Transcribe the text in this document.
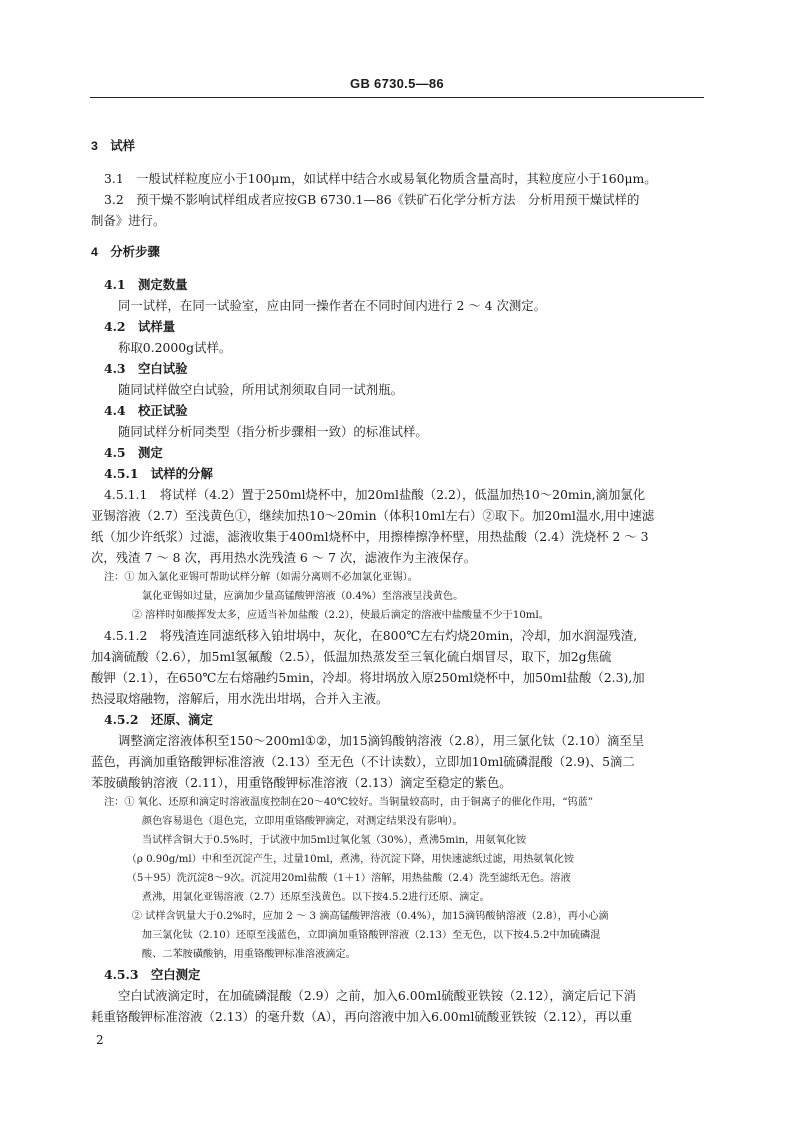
GB 6730.5—86
3　试样
3.1　一般试样粒度应小于100μm，如试样中结合水或易氧化物质含量高时，其粒度应小于160μm。
3.2　预干燥不影响试样组成者应按GB 6730.1—86《铁矿石化学分析方法　分析用预干燥试样的
制备》进行。
4　分析步骤
4.1　测定数量
同一试样，在同一试验室，应由同一操作者在不同时间内进行 2 ～ 4 次测定。
4.2　试样量
称取0.2000g试样。
4.3　空白试验
随同试样做空白试验，所用试剂须取自同一试剂瓶。
4.4　校正试验
随同试样分析同类型（指分析步骤相一致）的标准试样。
4.5　测定
4.5.1　试样的分解
4.5.1.1　将试样（4.2）置于250ml烧杯中，加20ml盐酸（2.2），低温加热10～20min,滴加氯化
亚锡溶液（2.7）至浅黄色①，继续加热10～20min（体积10ml左右）②取下。加20ml温水,用中速滤
纸（加少许纸浆）过滤，滤液收集于400ml烧杯中，用擦棒擦净杯壁，用热盐酸（2.4）洗烧杯 2 ～ 3
次，残渣 7 ～ 8 次，再用热水洗残渣 6 ～ 7 次，滤液作为主液保存。
注：① 加入氯化亚锡可帮助试样分解（如需分离则不必加氯化亚锡）。
　　　　　氯化亚锡如过量，应滴加少量高锰酸钾溶液（0.4%）至溶液呈浅黄色。
　　　　② 溶样时如酸挥发太多，应适当补加盐酸（2.2），使最后滴定的溶液中盐酸量不少于10ml。
4.5.1.2　将残渣连同滤纸移入铂坩埚中，灰化，在800℃左右灼烧20min，冷却，加水润湿残渣,
加4滴硫酸（2.6），加5ml氢氟酸（2.5），低温加热蒸发至三氧化硫白烟冒尽，取下，加2g焦硫
酸钾（2.1），在650℃左右熔融约5min，冷却。将坩埚放入原250ml烧杯中，加50ml盐酸（2.3),加
热浸取熔融物，溶解后，用水洗出坩埚，合并入主液。
4.5.2　还原、滴定
调整滴定溶液体积至150～200ml①②，加15滴钨酸钠溶液（2.8），用三氯化钛（2.10）滴至呈
蓝色，再滴加重铬酸钾标准溶液（2.13）至无色（不计读数），立即加10ml硫磷混酸（2.9)、5滴二
苯胺磺酸钠溶液（2.11），用重铬酸钾标准溶液（2.13）滴定至稳定的紫色。
注：① 氧化、还原和滴定时溶液温度控制在20～40℃较好。当铜量较高时，由于铜离子的催化作用，“钨蓝”
　　　　　颜色容易退色（退色完，立即用重铬酸钾滴定，对测定结果没有影响）。
　　　　　当试样含铜大于0.5%时，于试液中加5ml过氧化氢（30%），煮沸5min，用氨氧化铵
　　　　（ρ 0.90g/ml）中和至沉淀产生，过量10ml，煮沸，待沉淀下降，用快速滤纸过滤，用热氨氧化铵
　　　　（5＋95）洗沉淀8～9次。沉淀用20ml盐酸（1＋1）溶解，用热盐酸（2.4）洗至滤纸无色。溶液
　　　　　煮沸，用氯化亚锡溶液（2.7）还原至浅黄色。以下按4.5.2进行还原、滴定。
　　　　② 试样含钒量大于0.2%时，应加 2 ～ 3 滴高锰酸钾溶液（0.4%），加15滴钨酸钠溶液（2.8），再小心滴
　　　　　加三氯化钛（2.10）还原至浅蓝色，立即滴加重铬酸钾溶液（2.13）至无色，以下按4.5.2中加硫磷混
　　　　　酸、二苯胺磺酸钠，用重铬酸钾标准溶液滴定。
4.5.3　空白测定
空白试液滴定时，在加硫磷混酸（2.9）之前，加入6.00ml硫酸亚铁铵（2.12），滴定后记下消
耗重铬酸钾标准溶液（2.13）的毫升数（A），再向溶液中加入6.00ml硫酸亚铁铵（2.12），再以重
2
